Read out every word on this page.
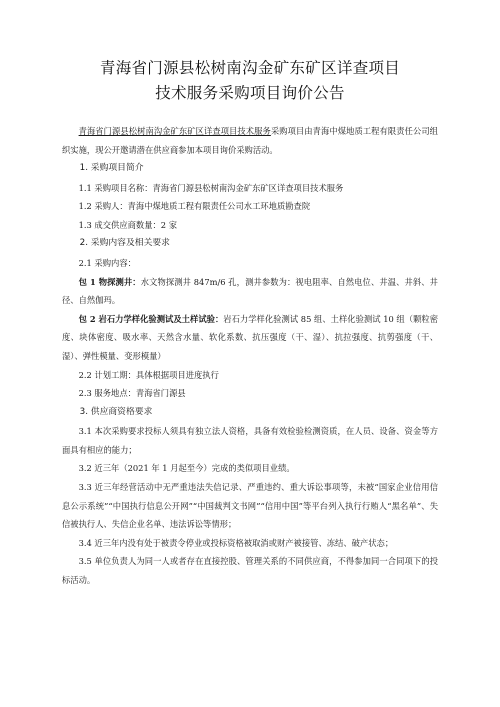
青海省门源县松树南沟金矿东矿区详查项目
技术服务采购项目询价公告

青海省门源县松树南沟金矿东矿区详查项目技术服务采购项目由青海中煤地质工程有限责任公司组织实施，现公开邀请潜在供应商参加本项目询价采购活动。

1. 采购项目简介

1.1 采购项目名称：青海省门源县松树南沟金矿东矿区详查项目技术服务

1.2 采购人：青海中煤地质工程有限责任公司水工环地质勘查院

1.3 成交供应商数量：2 家

2. 采购内容及相关要求

2.1 采购内容：

包 1 物探测井：水文物探测井 847m/6 孔，测井参数为：视电阻率、自然电位、井温、井斜、井径、自然伽玛。

包 2 岩石力学样化验测试及土样试验：岩石力学样化验测试 85 组、土样化验测试 10 组（颗粒密度、块体密度、吸水率、天然含水量、软化系数、抗压强度（干、湿）、抗拉强度、抗剪强度（干、湿）、弹性模量、变形模量）

2.2 计划工期：具体根据项目进度执行

2.3 服务地点：青海省门源县

3. 供应商资格要求

3.1 本次采购要求投标人须具有独立法人资格，具备有效检验检测资质，在人员、设备、资金等方面具有相应的能力；

3.2 近三年（2021 年 1 月起至今）完成的类似项目业绩。

3.3 近三年经营活动中无严重违法失信记录、严重违约、重大诉讼事项等，未被“国家企业信用信息公示系统”“中国执行信息公开网”“中国裁判文书网”“信用中国”等平台列入执行行贿人“黑名单”、失信被执行人、失信企业名单、违法诉讼等情形；

3.4 近三年内没有处于被责令停业或投标资格被取消或财产被接管、冻结、破产状态；

3.5 单位负责人为同一人或者存在直接控股、管理关系的不同供应商，不得参加同一合同项下的投标活动。
